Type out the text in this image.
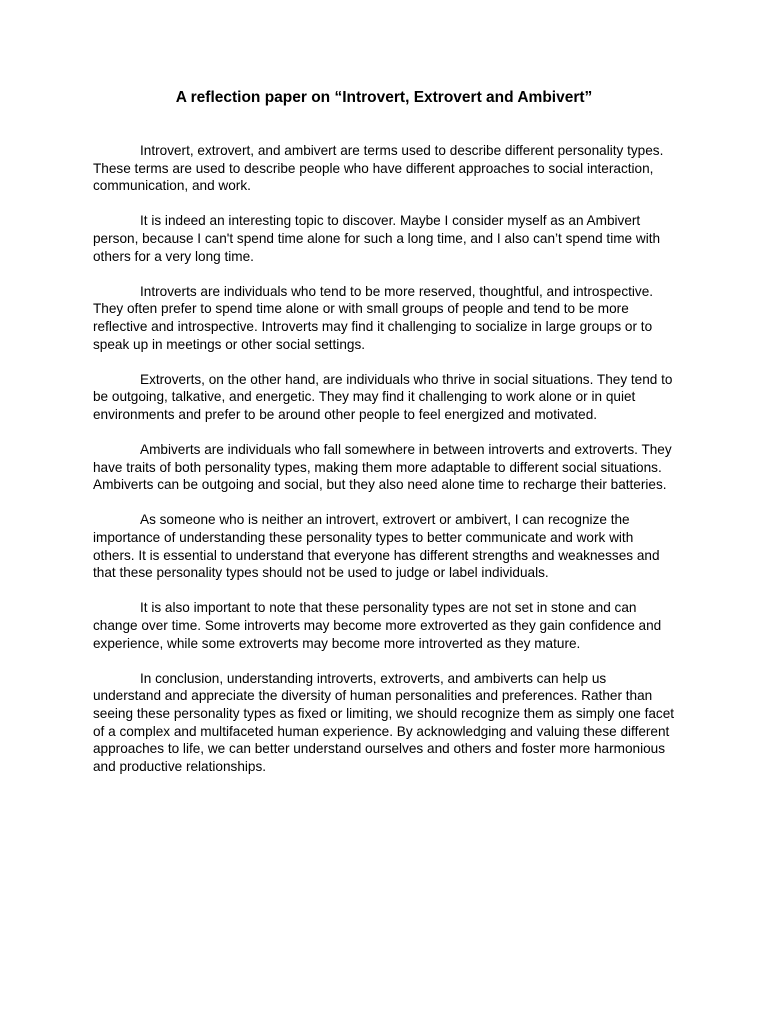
A reflection paper on “Introvert, Extrovert and Ambivert”

Introvert, extrovert, and ambivert are terms used to describe different personality types. These terms are used to describe people who have different approaches to social interaction, communication, and work.

It is indeed an interesting topic to discover. Maybe I consider myself as an Ambivert person, because I can't spend time alone for such a long time, and I also can’t spend time with others for a very long time.

Introverts are individuals who tend to be more reserved, thoughtful, and introspective. They often prefer to spend time alone or with small groups of people and tend to be more reflective and introspective. Introverts may find it challenging to socialize in large groups or to speak up in meetings or other social settings.

Extroverts, on the other hand, are individuals who thrive in social situations. They tend to be outgoing, talkative, and energetic. They may find it challenging to work alone or in quiet environments and prefer to be around other people to feel energized and motivated.

Ambiverts are individuals who fall somewhere in between introverts and extroverts. They have traits of both personality types, making them more adaptable to different social situations. Ambiverts can be outgoing and social, but they also need alone time to recharge their batteries.

As someone who is neither an introvert, extrovert or ambivert, I can recognize the importance of understanding these personality types to better communicate and work with others. It is essential to understand that everyone has different strengths and weaknesses and that these personality types should not be used to judge or label individuals.

It is also important to note that these personality types are not set in stone and can change over time. Some introverts may become more extroverted as they gain confidence and experience, while some extroverts may become more introverted as they mature.

In conclusion, understanding introverts, extroverts, and ambiverts can help us understand and appreciate the diversity of human personalities and preferences. Rather than seeing these personality types as fixed or limiting, we should recognize them as simply one facet of a complex and multifaceted human experience. By acknowledging and valuing these different approaches to life, we can better understand ourselves and others and foster more harmonious and productive relationships.
